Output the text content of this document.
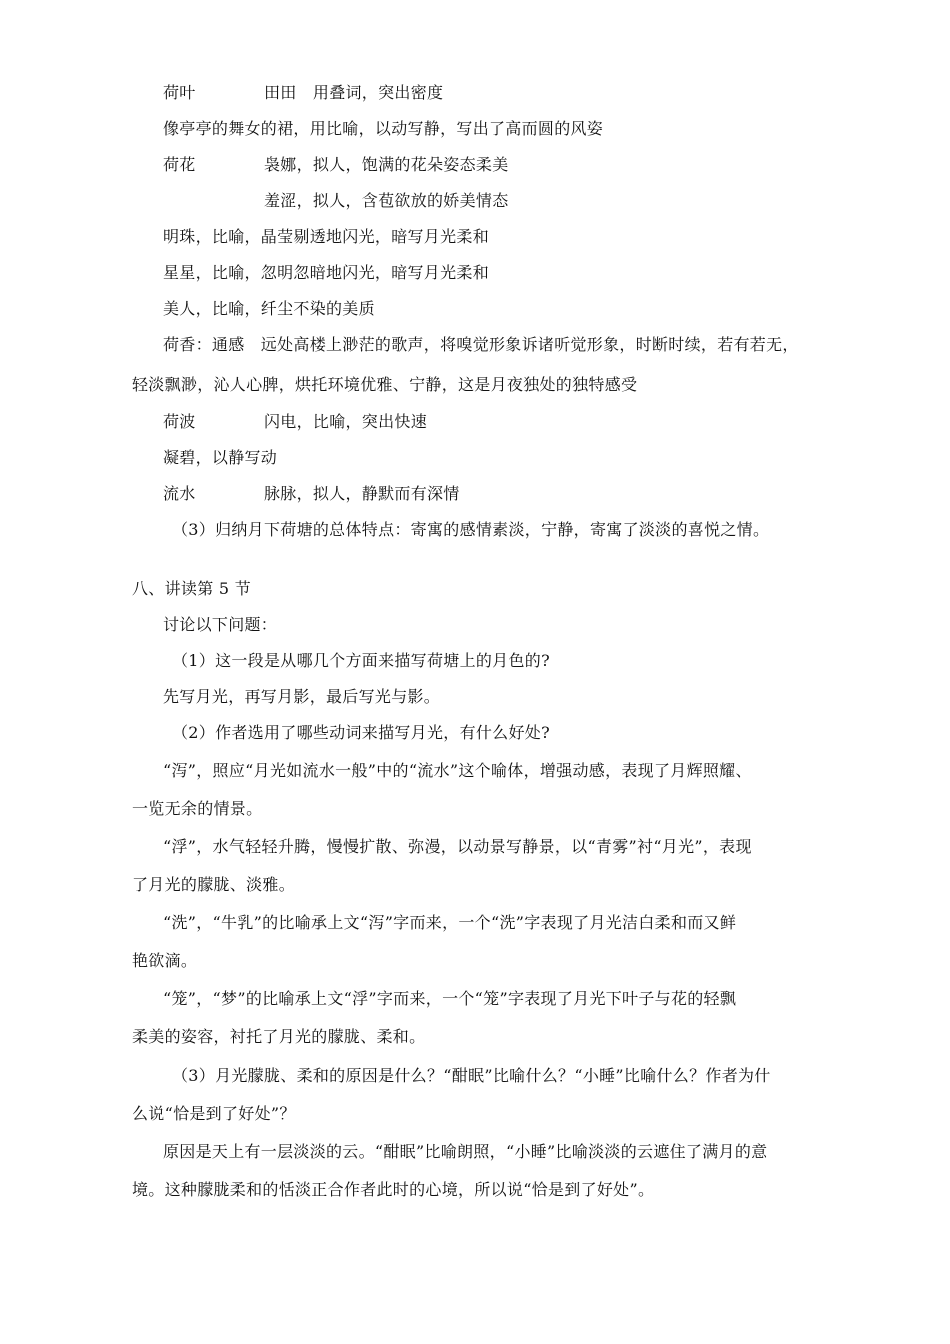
荷叶	田田　用叠词，突出密度
像亭亭的舞女的裙，用比喻，以动写静，写出了高而圆的风姿
荷花	袅娜，拟人，饱满的花朵姿态柔美
羞涩，拟人，含苞欲放的娇美情态
明珠，比喻，晶莹剔透地闪光，暗写月光柔和
星星，比喻，忽明忽暗地闪光，暗写月光柔和
美人，比喻，纤尘不染的美质
荷香：通感　远处高楼上渺茫的歌声，将嗅觉形象诉诸听觉形象，时断时续，若有若无，
轻淡飘渺，沁人心脾，烘托环境优雅、宁静，这是月夜独处的独特感受
荷波	闪电，比喻，突出快速
凝碧，以静写动
流水	脉脉，拟人，静默而有深情
（3）归纳月下荷塘的总体特点：寄寓的感情素淡，宁静，寄寓了淡淡的喜悦之情。
八、讲读第 5 节
讨论以下问题：
（1）这一段是从哪几个方面来描写荷塘上的月色的?
先写月光，再写月影，最后写光与影。
（2）作者选用了哪些动词来描写月光，有什么好处?
“泻”，照应“月光如流水一般”中的“流水”这个喻体，增强动感，表现了月辉照耀、
一览无余的情景。
“浮”，水气轻轻升腾，慢慢扩散、弥漫，以动景写静景，以“青雾”衬“月光”，表现
了月光的朦胧、淡雅。
“洗”，“牛乳”的比喻承上文“泻”字而来，一个“洗”字表现了月光洁白柔和而又鲜
艳欲滴。
“笼”，“梦”的比喻承上文“浮”字而来，一个“笼”字表现了月光下叶子与花的轻飘
柔美的姿容，衬托了月光的朦胧、柔和。
（3）月光朦胧、柔和的原因是什么？“酣眠”比喻什么？“小睡”比喻什么？作者为什
么说“恰是到了好处”？
原因是天上有一层淡淡的云。“酣眠”比喻朗照，“小睡”比喻淡淡的云遮住了满月的意
境。这种朦胧柔和的恬淡正合作者此时的心境，所以说“恰是到了好处”。
